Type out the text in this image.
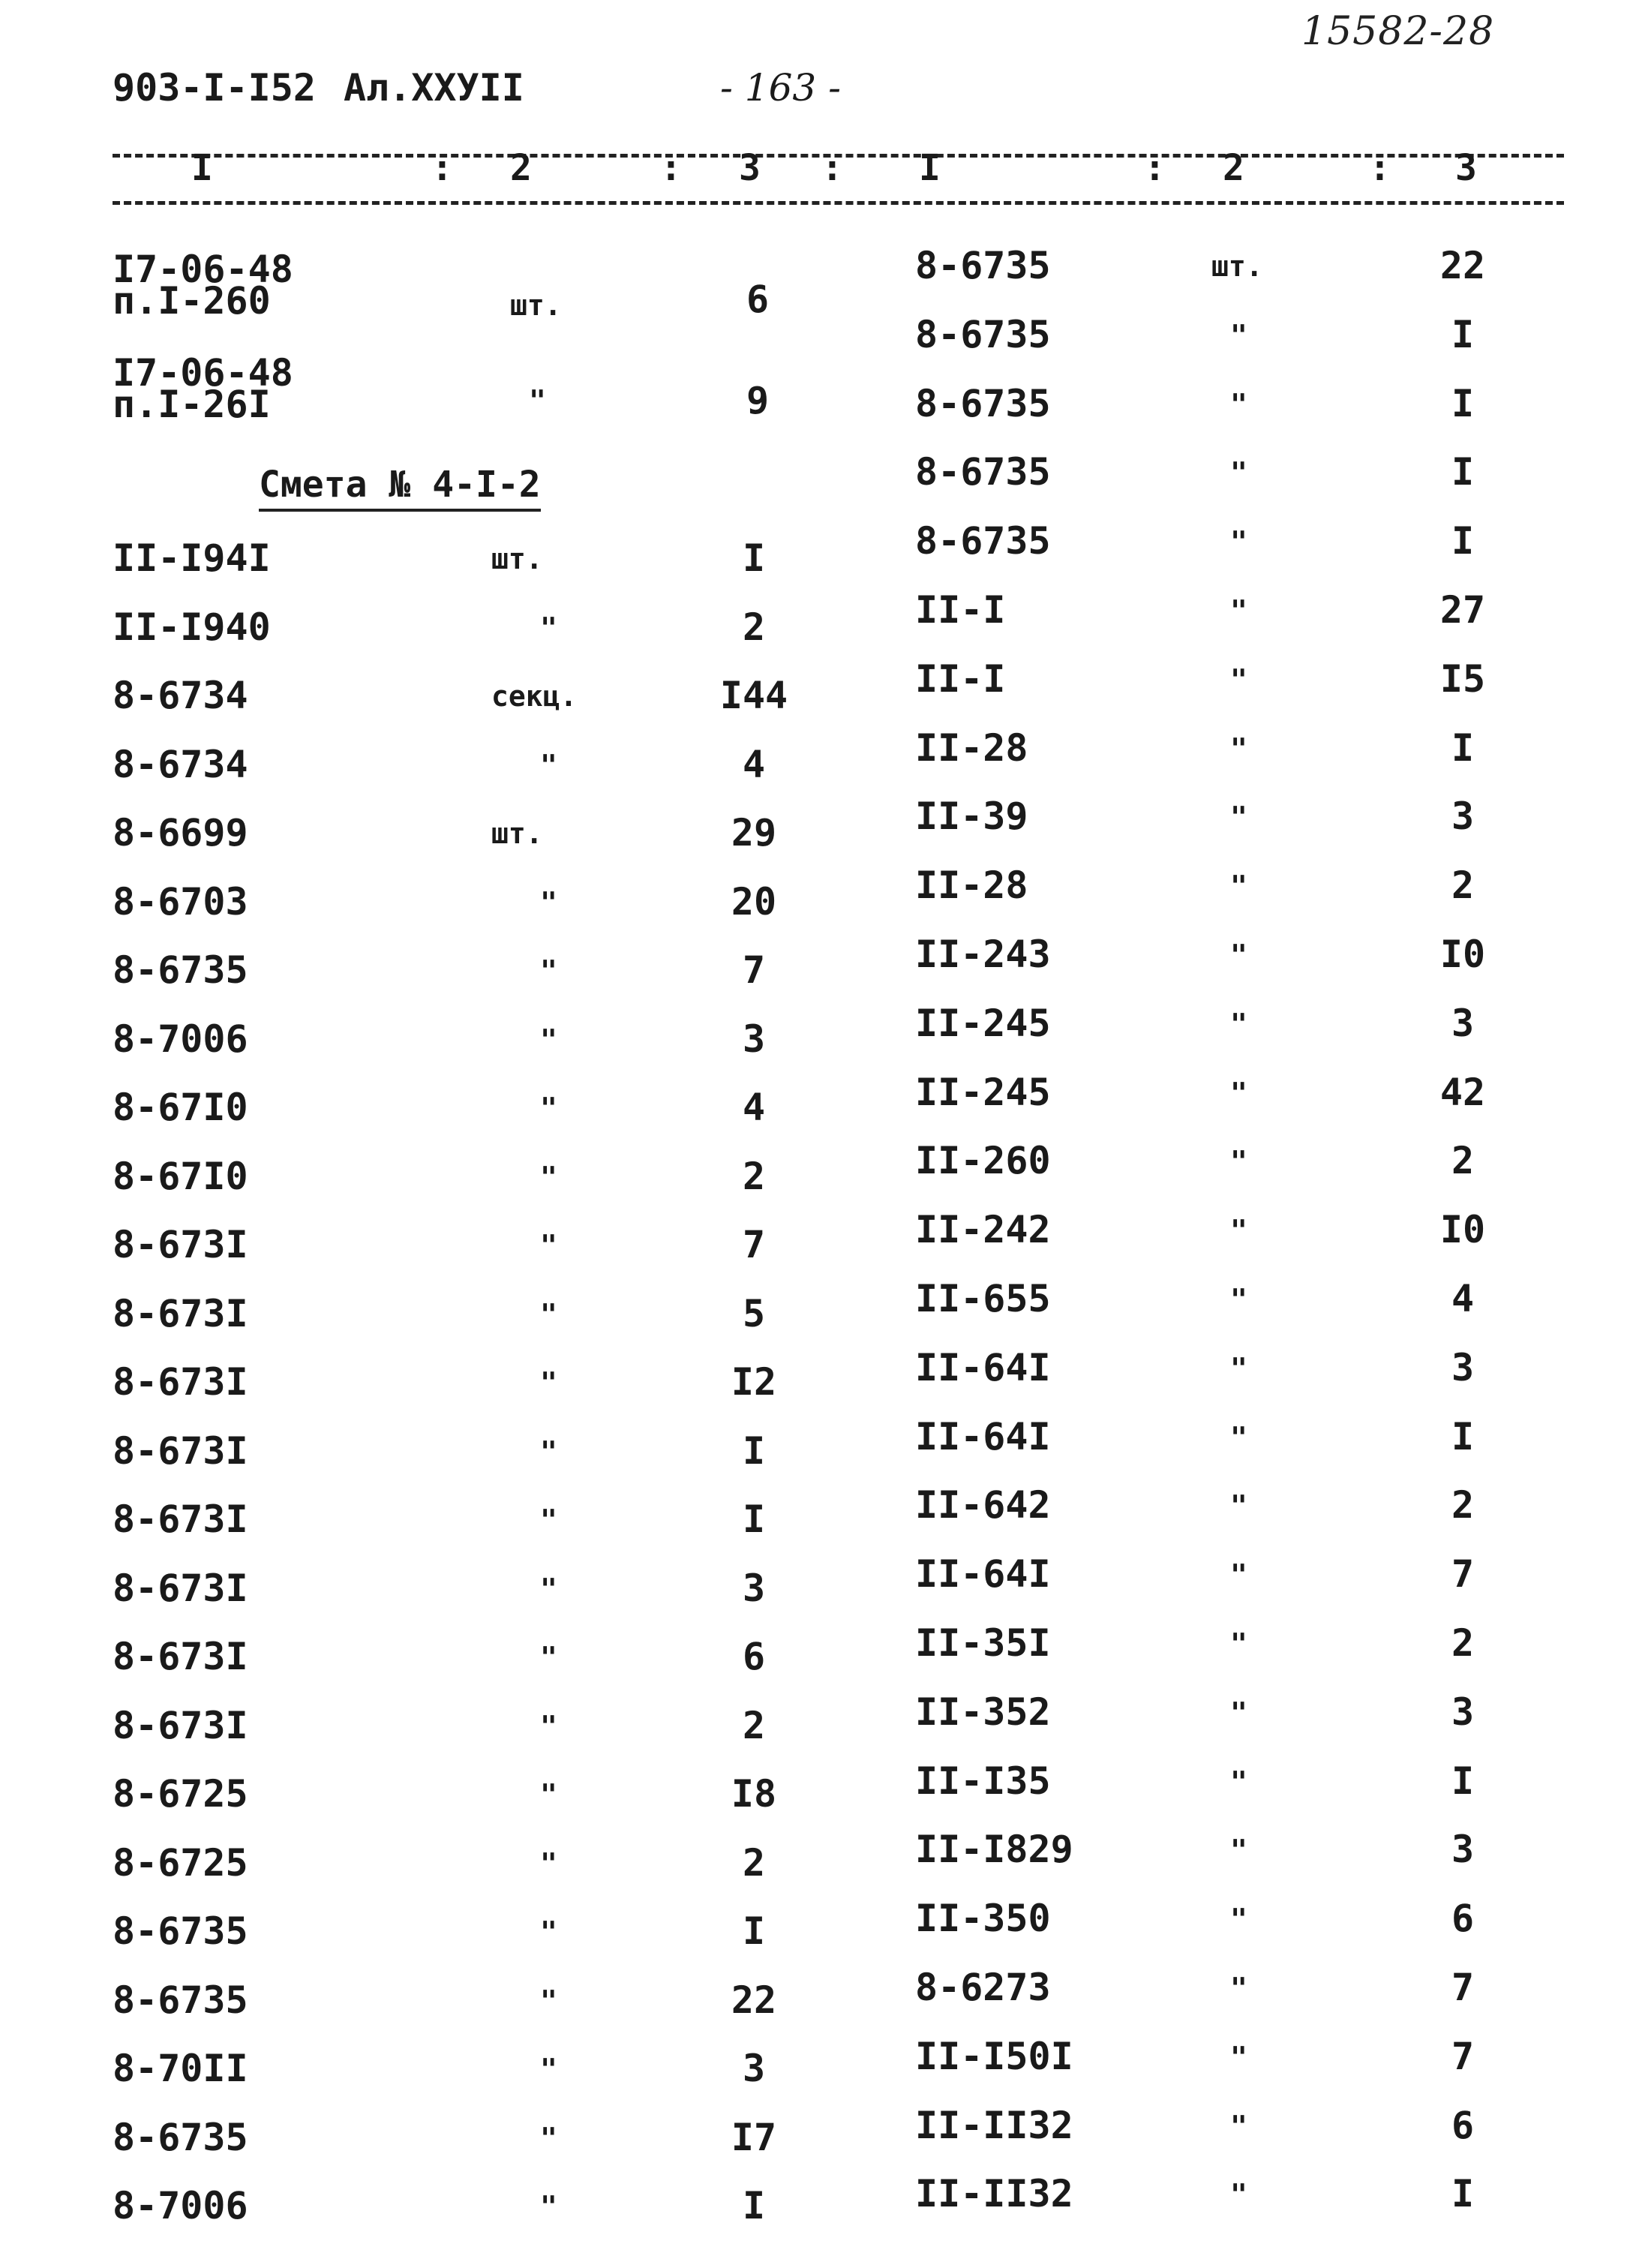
15582-28
903-I-I52 Ал.XXУII	- 163 -
I	: 2	: 3 : I	: 2	: 3
I7-06-48
п.I-260	шт.	6
I7-06-48
п.I-26I	"	9
Смета № 4-I-2
II-I94I	шт.	I
II-I940	"	2
8-6734	секц.	I44
8-6734	"	4
8-6699	шт.	29
8-6703	"	20
8-6735	"	7
8-7006	"	3
8-67I0	"	4
8-67I0	"	2
8-673I	"	7
8-673I	"	5
8-673I	"	I2
8-673I	"	I
8-673I	"	I
8-673I	"	3
8-673I	"	6
8-673I	"	2
8-6725	"	I8
8-6725	"	2
8-6735	"	I
8-6735	"	22
8-70II	"	3
8-6735	"	I7
8-7006	"	I
8-6735	шт.	22
8-6735	"	I
8-6735	"	I
8-6735	"	I
8-6735	"	I
II-I	"	27
II-I	"	I5
II-28	"	I
II-39	"	3
II-28	"	2
II-243	"	I0
II-245	"	3
II-245	"	42
II-260	"	2
II-242	"	I0
II-655	"	4
II-64I	"	3
II-64I	"	I
II-642	"	2
II-64I	"	7
II-35I	"	2
II-352	"	3
II-I35	"	I
II-I829	"	3
II-350	"	6
8-6273	"	7
II-I50I	"	7
II-II32	"	6
II-II32	"	I
